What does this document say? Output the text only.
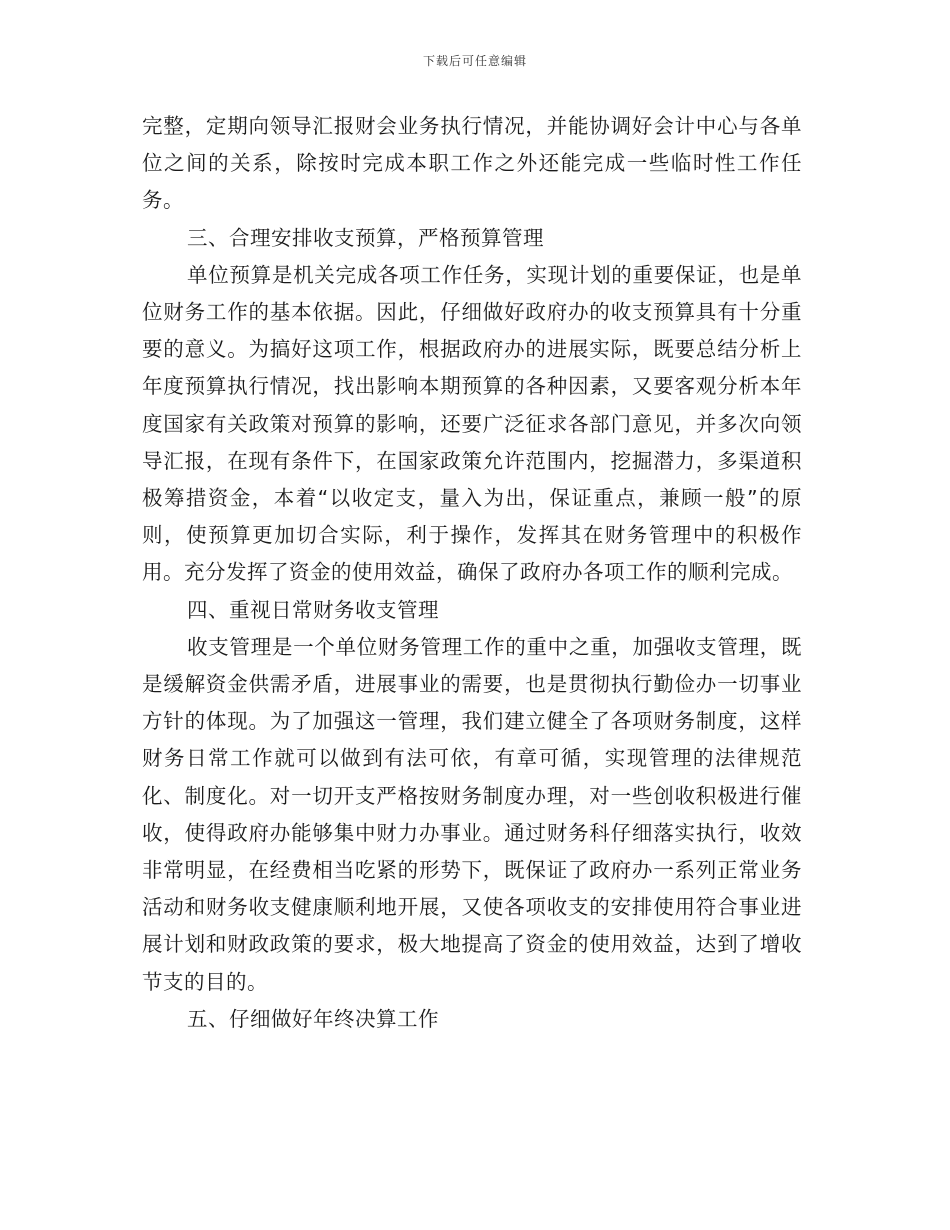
下载后可任意编辑

完整，定期向领导汇报财会业务执行情况，并能协调好会计中心与各单位之间的关系，除按时完成本职工作之外还能完成一些临时性工作任务。

三、合理安排收支预算，严格预算管理

单位预算是机关完成各项工作任务，实现计划的重要保证，也是单位财务工作的基本依据。因此，仔细做好政府办的收支预算具有十分重要的意义。为搞好这项工作，根据政府办的进展实际，既要总结分析上年度预算执行情况，找出影响本期预算的各种因素，又要客观分析本年度国家有关政策对预算的影响，还要广泛征求各部门意见，并多次向领导汇报，在现有条件下，在国家政策允许范围内，挖掘潜力，多渠道积极筹措资金，本着“以收定支，量入为出，保证重点，兼顾一般”的原则，使预算更加切合实际，利于操作，发挥其在财务管理中的积极作用。充分发挥了资金的使用效益，确保了政府办各项工作的顺利完成。

四、重视日常财务收支管理

收支管理是一个单位财务管理工作的重中之重，加强收支管理，既是缓解资金供需矛盾，进展事业的需要，也是贯彻执行勤俭办一切事业方针的体现。为了加强这一管理，我们建立健全了各项财务制度，这样财务日常工作就可以做到有法可依，有章可循，实现管理的法律规范化、制度化。对一切开支严格按财务制度办理，对一些创收积极进行催收，使得政府办能够集中财力办事业。通过财务科仔细落实执行，收效非常明显，在经费相当吃紧的形势下，既保证了政府办一系列正常业务活动和财务收支健康顺利地开展，又使各项收支的安排使用符合事业进展计划和财政政策的要求，极大地提高了资金的使用效益，达到了增收节支的目的。

五、仔细做好年终决算工作
